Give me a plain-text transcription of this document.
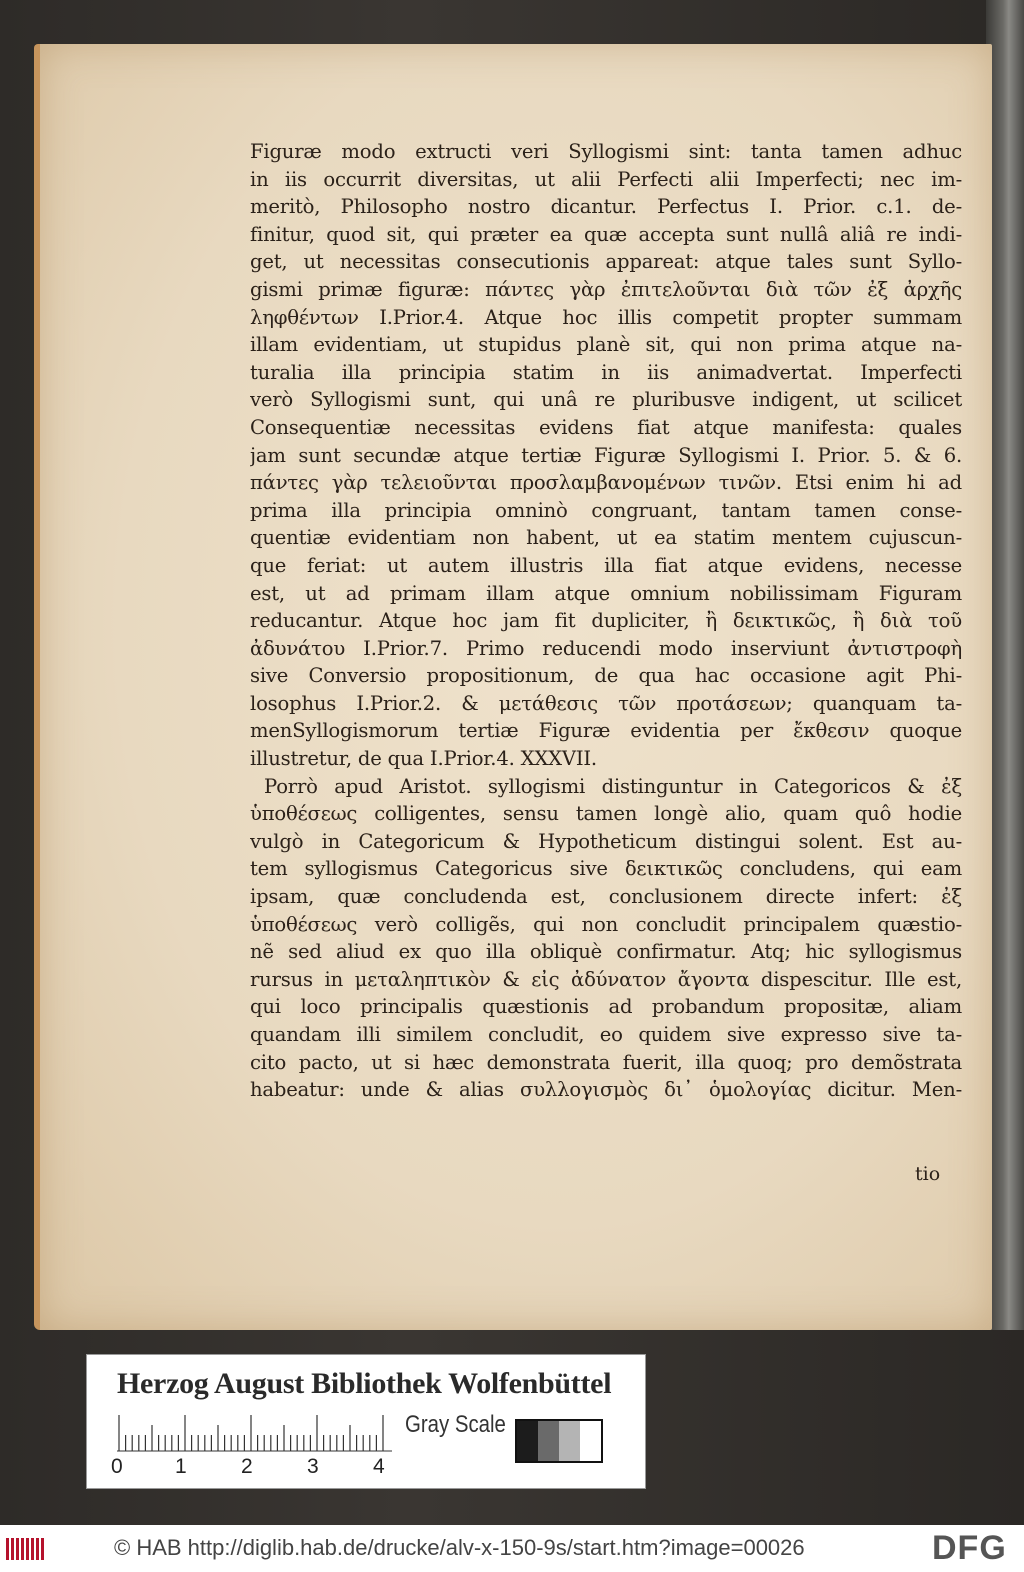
Figuræ modo extructi veri Syllogismi sint: tanta tamen adhuc
in iis occurrit diversitas, ut alii Perfecti alii Imperfecti; nec im-
meritò, Philosopho nostro dicantur. Perfectus I. Prior. c.1. de-
finitur, quod sit, qui præter ea quæ accepta sunt nullâ aliâ re indi-
get, ut necessitas consecutionis appareat: atque tales sunt Syllo-
gismi primæ figuræ: πάντες γὰρ ἐπιτελοῦνται διὰ τῶν ἐξ ἀρχῆς
ληφθέντων I.Prior.4. Atque hoc illis competit propter summam
illam evidentiam, ut stupidus planè sit, qui non prima atque na-
turalia illa principia statim in iis animadvertat. Imperfecti
verò Syllogismi sunt, qui unâ re pluribusve indigent, ut scilicet
Consequentiæ necessitas evidens fiat atque manifesta: quales
jam sunt secundæ atque tertiæ Figuræ Syllogismi I. Prior. 5. & 6.
πάντες γὰρ τελειοῦνται προσλαμβανομένων τινῶν. Etsi enim hi ad
prima illa principia omninò congruant, tantam tamen conse-
quentiæ evidentiam non habent, ut ea statim mentem cujuscun-
que feriat: ut autem illustris illa fiat atque evidens, necesse
est, ut ad primam illam atque omnium nobilissimam Figuram
reducantur. Atque hoc jam fit dupliciter, ἢ δεικτικῶς, ἢ διὰ τοῦ
ἀδυνάτου I.Prior.7. Primo reducendi modo inserviunt ἀντιστροφὴ
sive Conversio propositionum, de qua hac occasione agit Phi-
losophus I.Prior.2. & μετάθεσις τῶν προτάσεων; quanquam ta-
menSyllogismorum tertiæ Figuræ evidentia per ἔκθεσιν quoque
illustretur, de qua I.Prior.4. XXXVII.
Porrò apud Aristot. syllogismi distinguntur in Categoricos & ἐξ
ὑποθέσεως colligentes, sensu tamen longè alio, quam quô hodie
vulgò in Categoricum & Hypotheticum distingui solent. Est au-
tem syllogismus Categoricus sive δεικτικῶς concludens, qui eam
ipsam, quæ concludenda est, conclusionem directe infert: ἐξ
ὑποθέσεως verò colligẽs, qui non concludit principalem quæstio-
nẽ sed aliud ex quo illa obliquè confirmatur. Atq; hic syllogismus
rursus in μεταληπτικὸν & εἰς ἀδύνατον ἄγοντα dispescitur. Ille est,
qui loco principalis quæstionis ad probandum propositæ, aliam
quandam illi similem concludit, eo quidem sive expresso sive ta-
cito pacto, ut si hæc demonstrata fuerit, illa quoq; pro demõstrata
habeatur: unde & alias συλλογισμὸς δι᾽ ὁμολογίας dicitur. Men-
tio
Herzog August Bibliothek Wolfenbüttel
0 1	2	3	4
Gray Scale
© HAB http://diglib.hab.de/drucke/alv-x-150-9s/start.htm?image=00026	DFG
